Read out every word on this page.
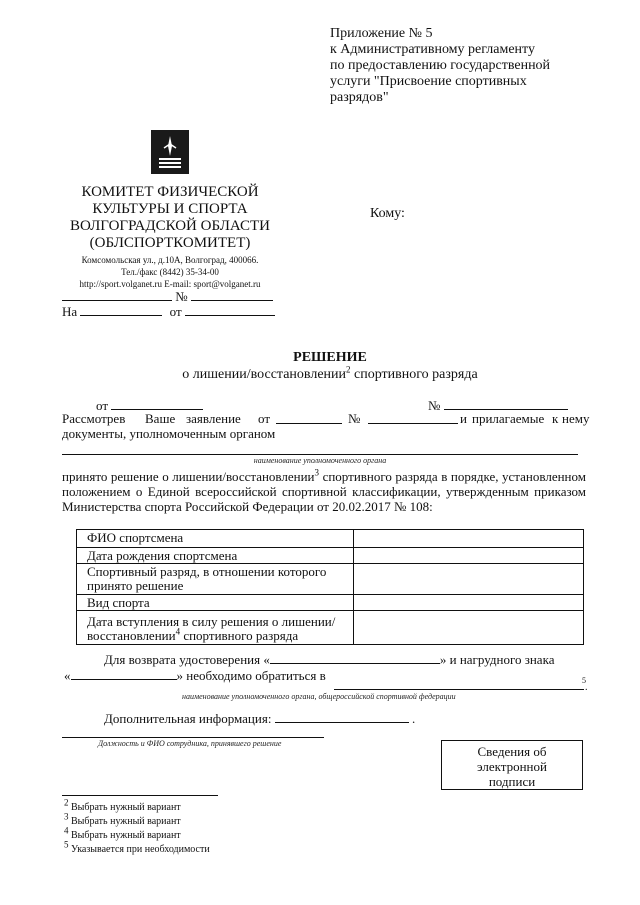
Приложение № 5
к Административному регламенту
по предоставлению государственной
услуги "Присвоение спортивных
разрядов"
КОМИТЕТ ФИЗИЧЕСКОЙ
КУЛЬТУРЫ И СПОРТА
ВОЛГОГРАДСКОЙ ОБЛАСТИ
(ОБЛСПОРТКОМИТЕТ)
Комсомольская ул., д.10А, Волгоград, 400066.
Тел./факс (8442) 35-34-00
http://sport.volganet.ru E-mail: sport@volganet.ru
№
На	от
Кому:
РЕШЕНИЕ
о лишении/восстановлении$^2$ спортивного разряда
от	№
Рассмотрев Ваше заявление от	№	и прилагаемые к нему
документы, уполномоченным органом
наименование уполномоченного органа
принято решение о лишении/восстановлении$^3$ спортивного разряда в порядке, установленном
положением о Единой всероссийской спортивной классификации, утвержденным приказом
Министерства спорта Российской Федерации от 20.02.2017 № 108:
ФИО спортсмена	
Дата рождения спортсмена	
Спортивный разряд, в отношении которого принято решение	
Вид спорта	
Дата вступления в силу решения о лишении/восстановлении$^4$ спортивного разряда	
Для возврата удостоверения «	» и нагрудного знака
«	» необходимо обратиться в	5
.
наименование уполномоченного органа, общероссийской спортивной федерации
Дополнительная информация:	.
Должность и ФИО сотрудника, принявшего решение
Сведения об
электронной
подписи
$^2$ Выбрать нужный вариант
$^3$ Выбрать нужный вариант
$^4$ Выбрать нужный вариант
$^5$ Указывается при необходимости
